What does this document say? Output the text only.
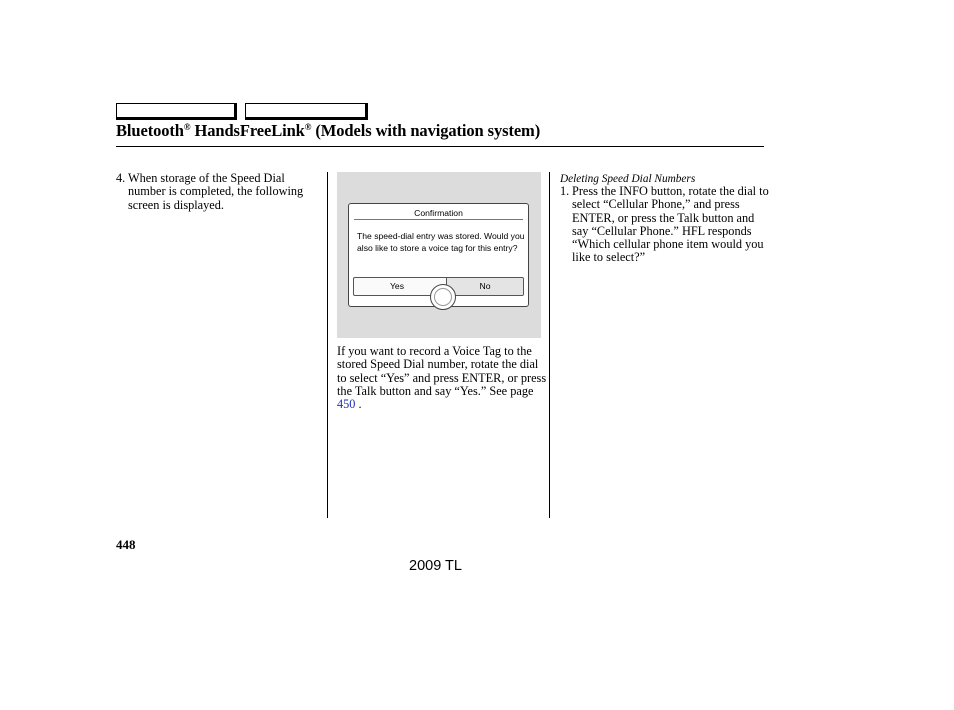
Bluetooth® HandsFreeLink® (Models with navigation system)
4. When storage of the Speed Dial number is completed, the following screen is displayed.
Confirmation
The speed-dial entry was stored. Would you also like to store a voice tag for this entry?
Yes	No
If you want to record a Voice Tag to the stored Speed Dial number, rotate the dial to select “Yes” and press ENTER, or press the Talk button and say “Yes.” See page 450 .
Deleting Speed Dial Numbers
1. Press the INFO button, rotate the dial to select “Cellular Phone,” and press ENTER, or press the Talk button and say “Cellular Phone.” HFL responds “Which cellular phone item would you like to select?”
448
2009 TL
